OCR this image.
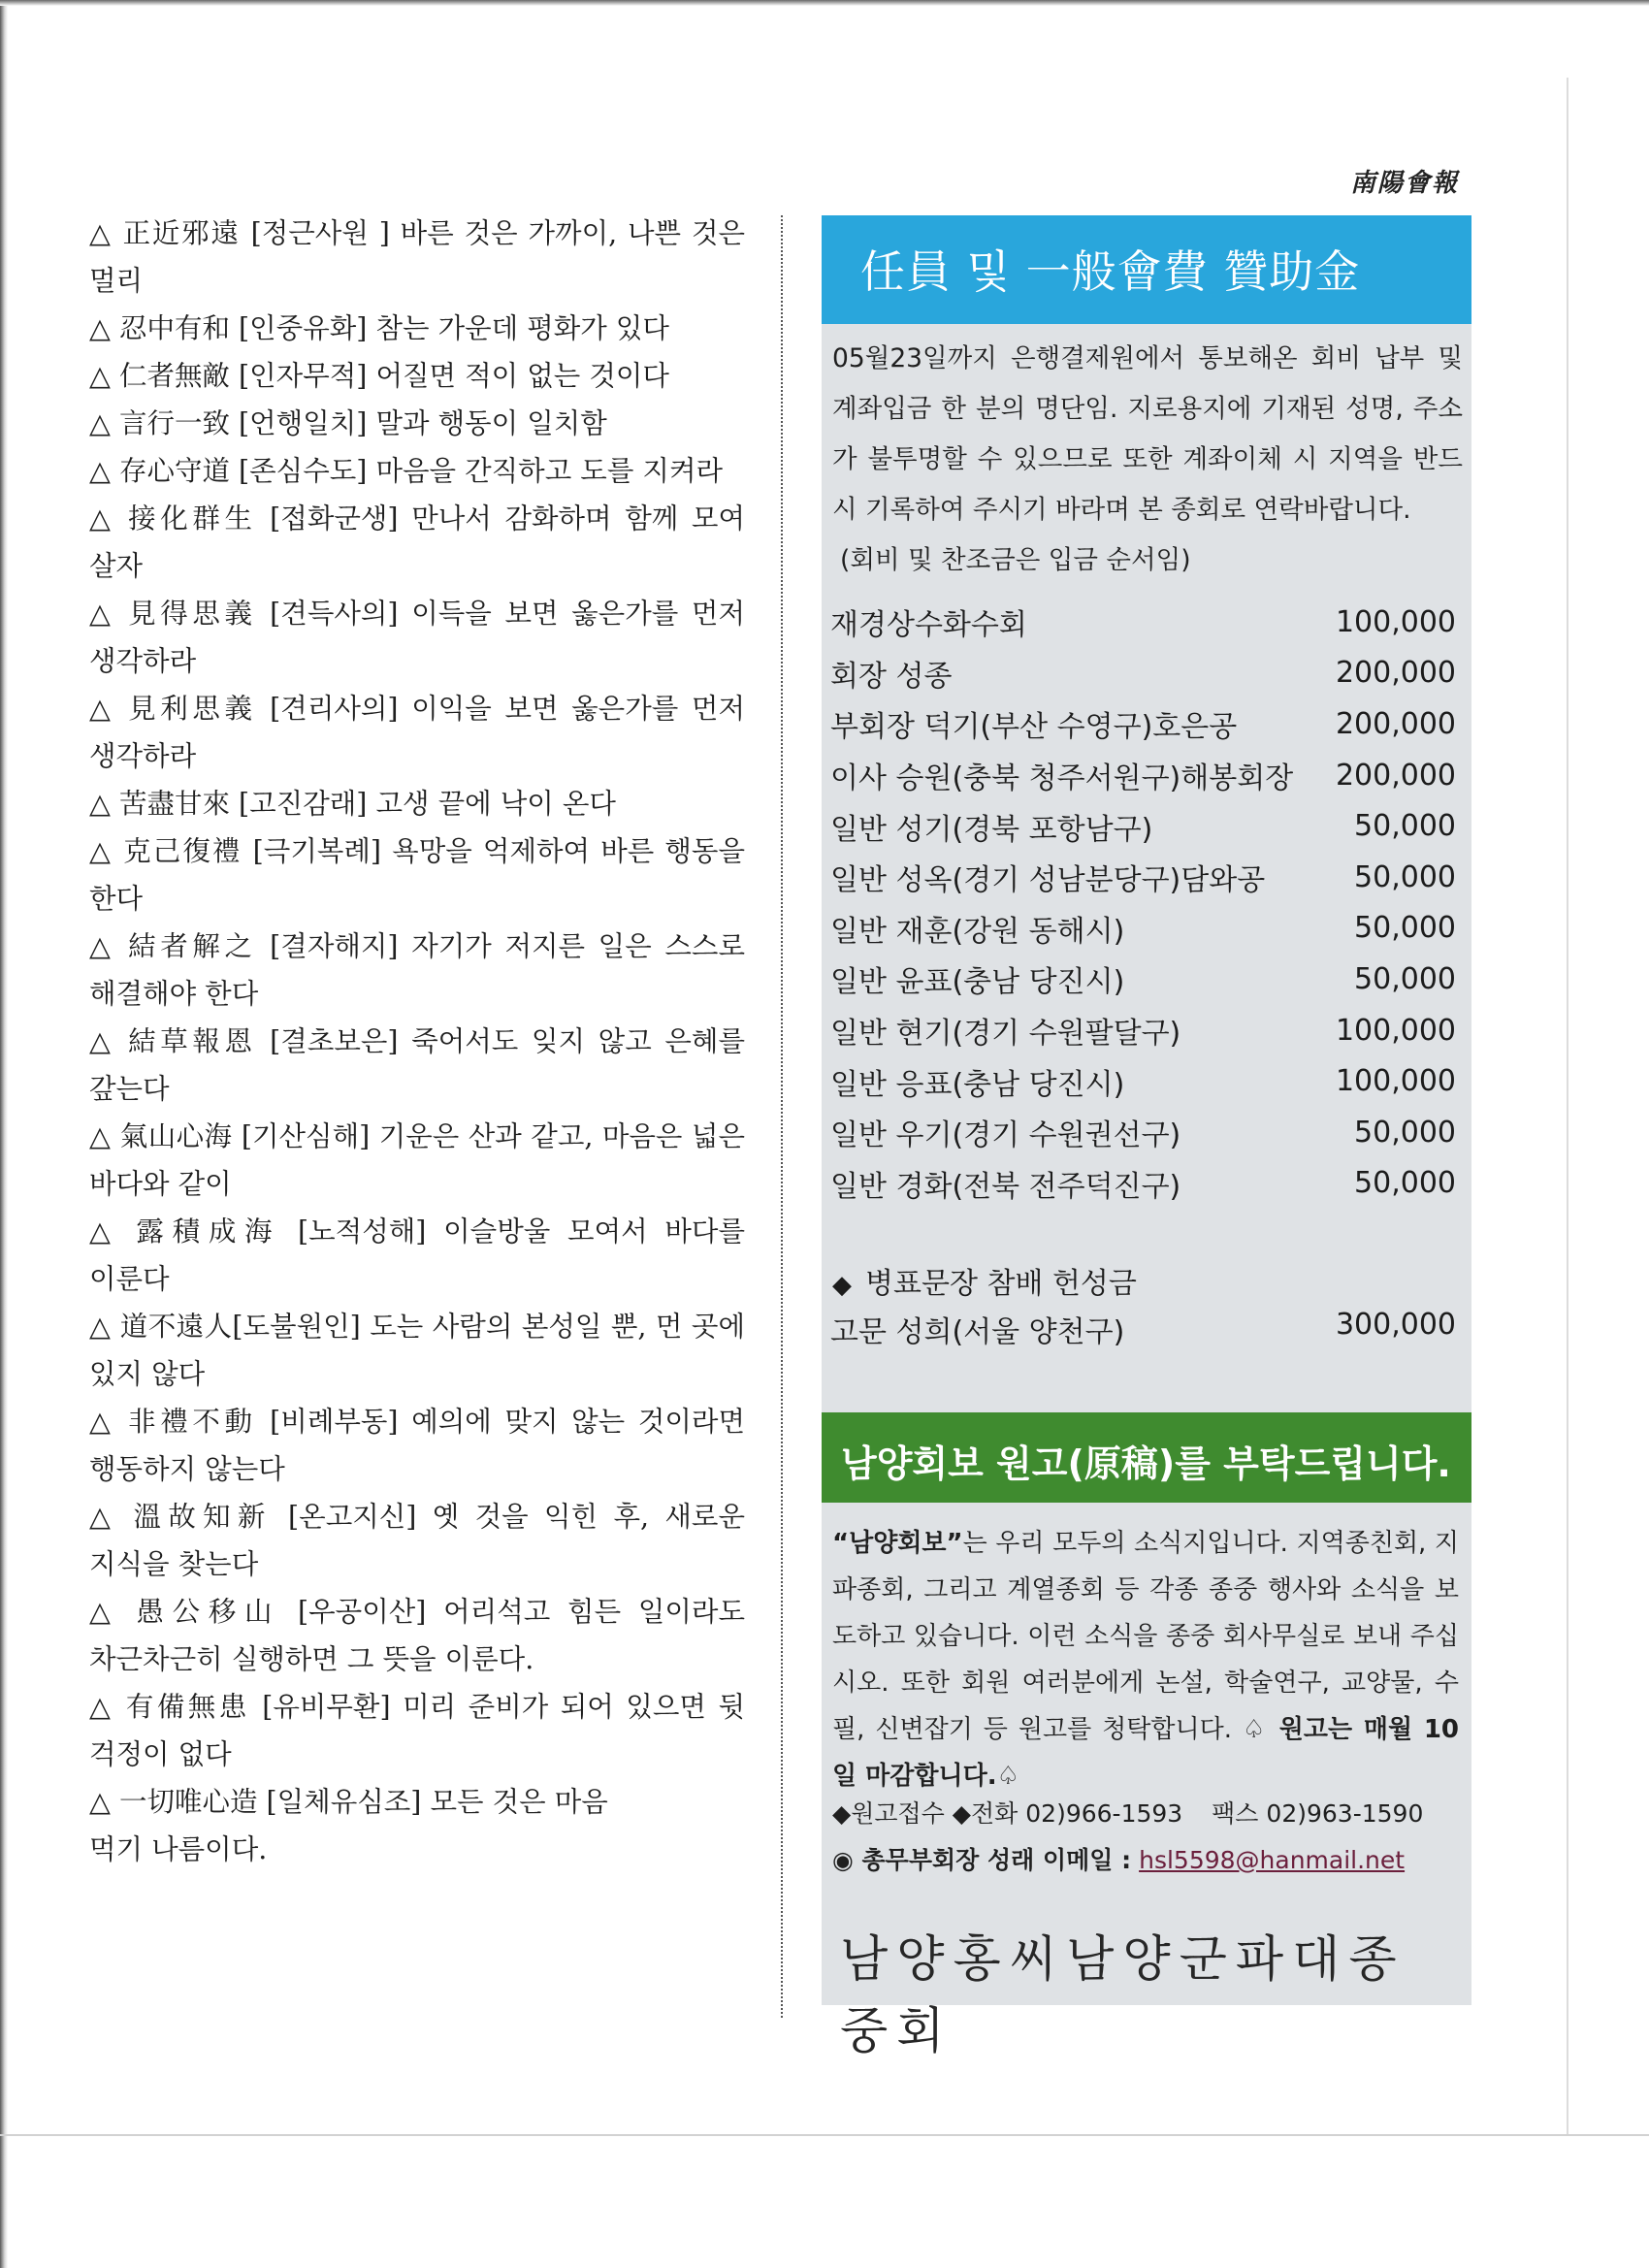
南陽會報
△ 正近邪遠 [정근사원 ] 바른 것은 가까이, 나쁜 것은 멀리
△ 忍中有和 [인중유화] 참는 가운데 평화가 있다
△ 仁者無敵 [인자무적] 어질면 적이 없는 것이다
△ 言行一致 [언행일치] 말과 행동이 일치함
△ 存心守道 [존심수도] 마음을 간직하고 도를 지켜라
△ 接化群生 [접화군생] 만나서 감화하며 함께 모여 살자
△ 見得思義 [견득사의] 이득을 보면 옳은가를 먼저 생각하라
△ 見利思義 [견리사의] 이익을 보면 옳은가를 먼저 생각하라
△ 苦盡甘來 [고진감래] 고생 끝에 낙이 온다
△ 克己復禮 [극기복례] 욕망을 억제하여 바른 행동을 한다
△ 結者解之 [결자해지] 자기가 저지른 일은 스스로 해결해야 한다
△ 結草報恩 [결초보은] 죽어서도 잊지 않고 은혜를 갚는다
△ 氣山心海 [기산심해] 기운은 산과 같고, 마음은 넓은 바다와 같이
△ 露積成海 [노적성해] 이슬방울 모여서 바다를 이룬다
△ 道不遠人[도불원인] 도는 사람의 본성일 뿐, 먼 곳에 있지 않다
△ 非禮不動 [비례부동] 예의에 맞지 않는 것이라면 행동하지 않는다
△ 溫故知新 [온고지신] 옛 것을 익힌 후, 새로운 지식을 찾는다
△ 愚公移山 [우공이산] 어리석고 힘든 일이라도 차근차근히 실행하면 그 뜻을 이룬다.
△ 有備無患 [유비무환] 미리 준비가 되어 있으면 뒷 걱정이 없다
△ 一切唯心造 [일체유심조] 모든 것은 마음
먹기 나름이다.
任員 및 一般會費 贊助金
05월23일까지 은행결제원에서 통보해온 회비 납부 및 계좌입금 한 분의 명단임. 지로용지에 기재된 성명, 주소가 불투명할 수 있으므로 또한 계좌이체 시 지역을 반드시 기록하여 주시기 바라며 본 종회로 연락바랍니다.
(회비 및 찬조금은 입금 순서임)
재경상수화수회	100,000
회장 성종	200,000
부회장 덕기(부산 수영구)호은공	200,000
이사 승원(충북 청주서원구)해봉회장 200,000
일반 성기(경북 포항남구)	50,000
일반 성옥(경기 성남분당구)담와공	50,000
일반 재훈(강원 동해시)	50,000
일반 윤표(충남 당진시)	50,000
일반 현기(경기 수원팔달구)	100,000
일반 응표(충남 당진시)	100,000
일반 우기(경기 수원권선구)	50,000
일반 경화(전북 전주덕진구)	50,000
◆ 병표문장 참배 헌성금
고문 성희(서울 양천구)	300,000
남양회보 원고(原稿)를 부탁드립니다.
“남양회보”는 우리 모두의 소식지입니다. 지역종친회, 지파종회, 그리고 계열종회 등 각종 종중 행사와 소식을 보도하고 있습니다. 이런 소식을 종중 회사무실로 보내 주십시오. 또한 회원 여러분에게 논설, 학술연구, 교양물, 수필, 신변잡기 등 원고를 청탁합니다. ♤ 원고는 매월 10일 마감합니다.♤
◆원고접수 ◆전화 02)966-1593 팩스 02)963-1590
◉ 총무부회장 성래 이메일 : hsl5598@hanmail.net
남양홍씨남양군파대종중회
